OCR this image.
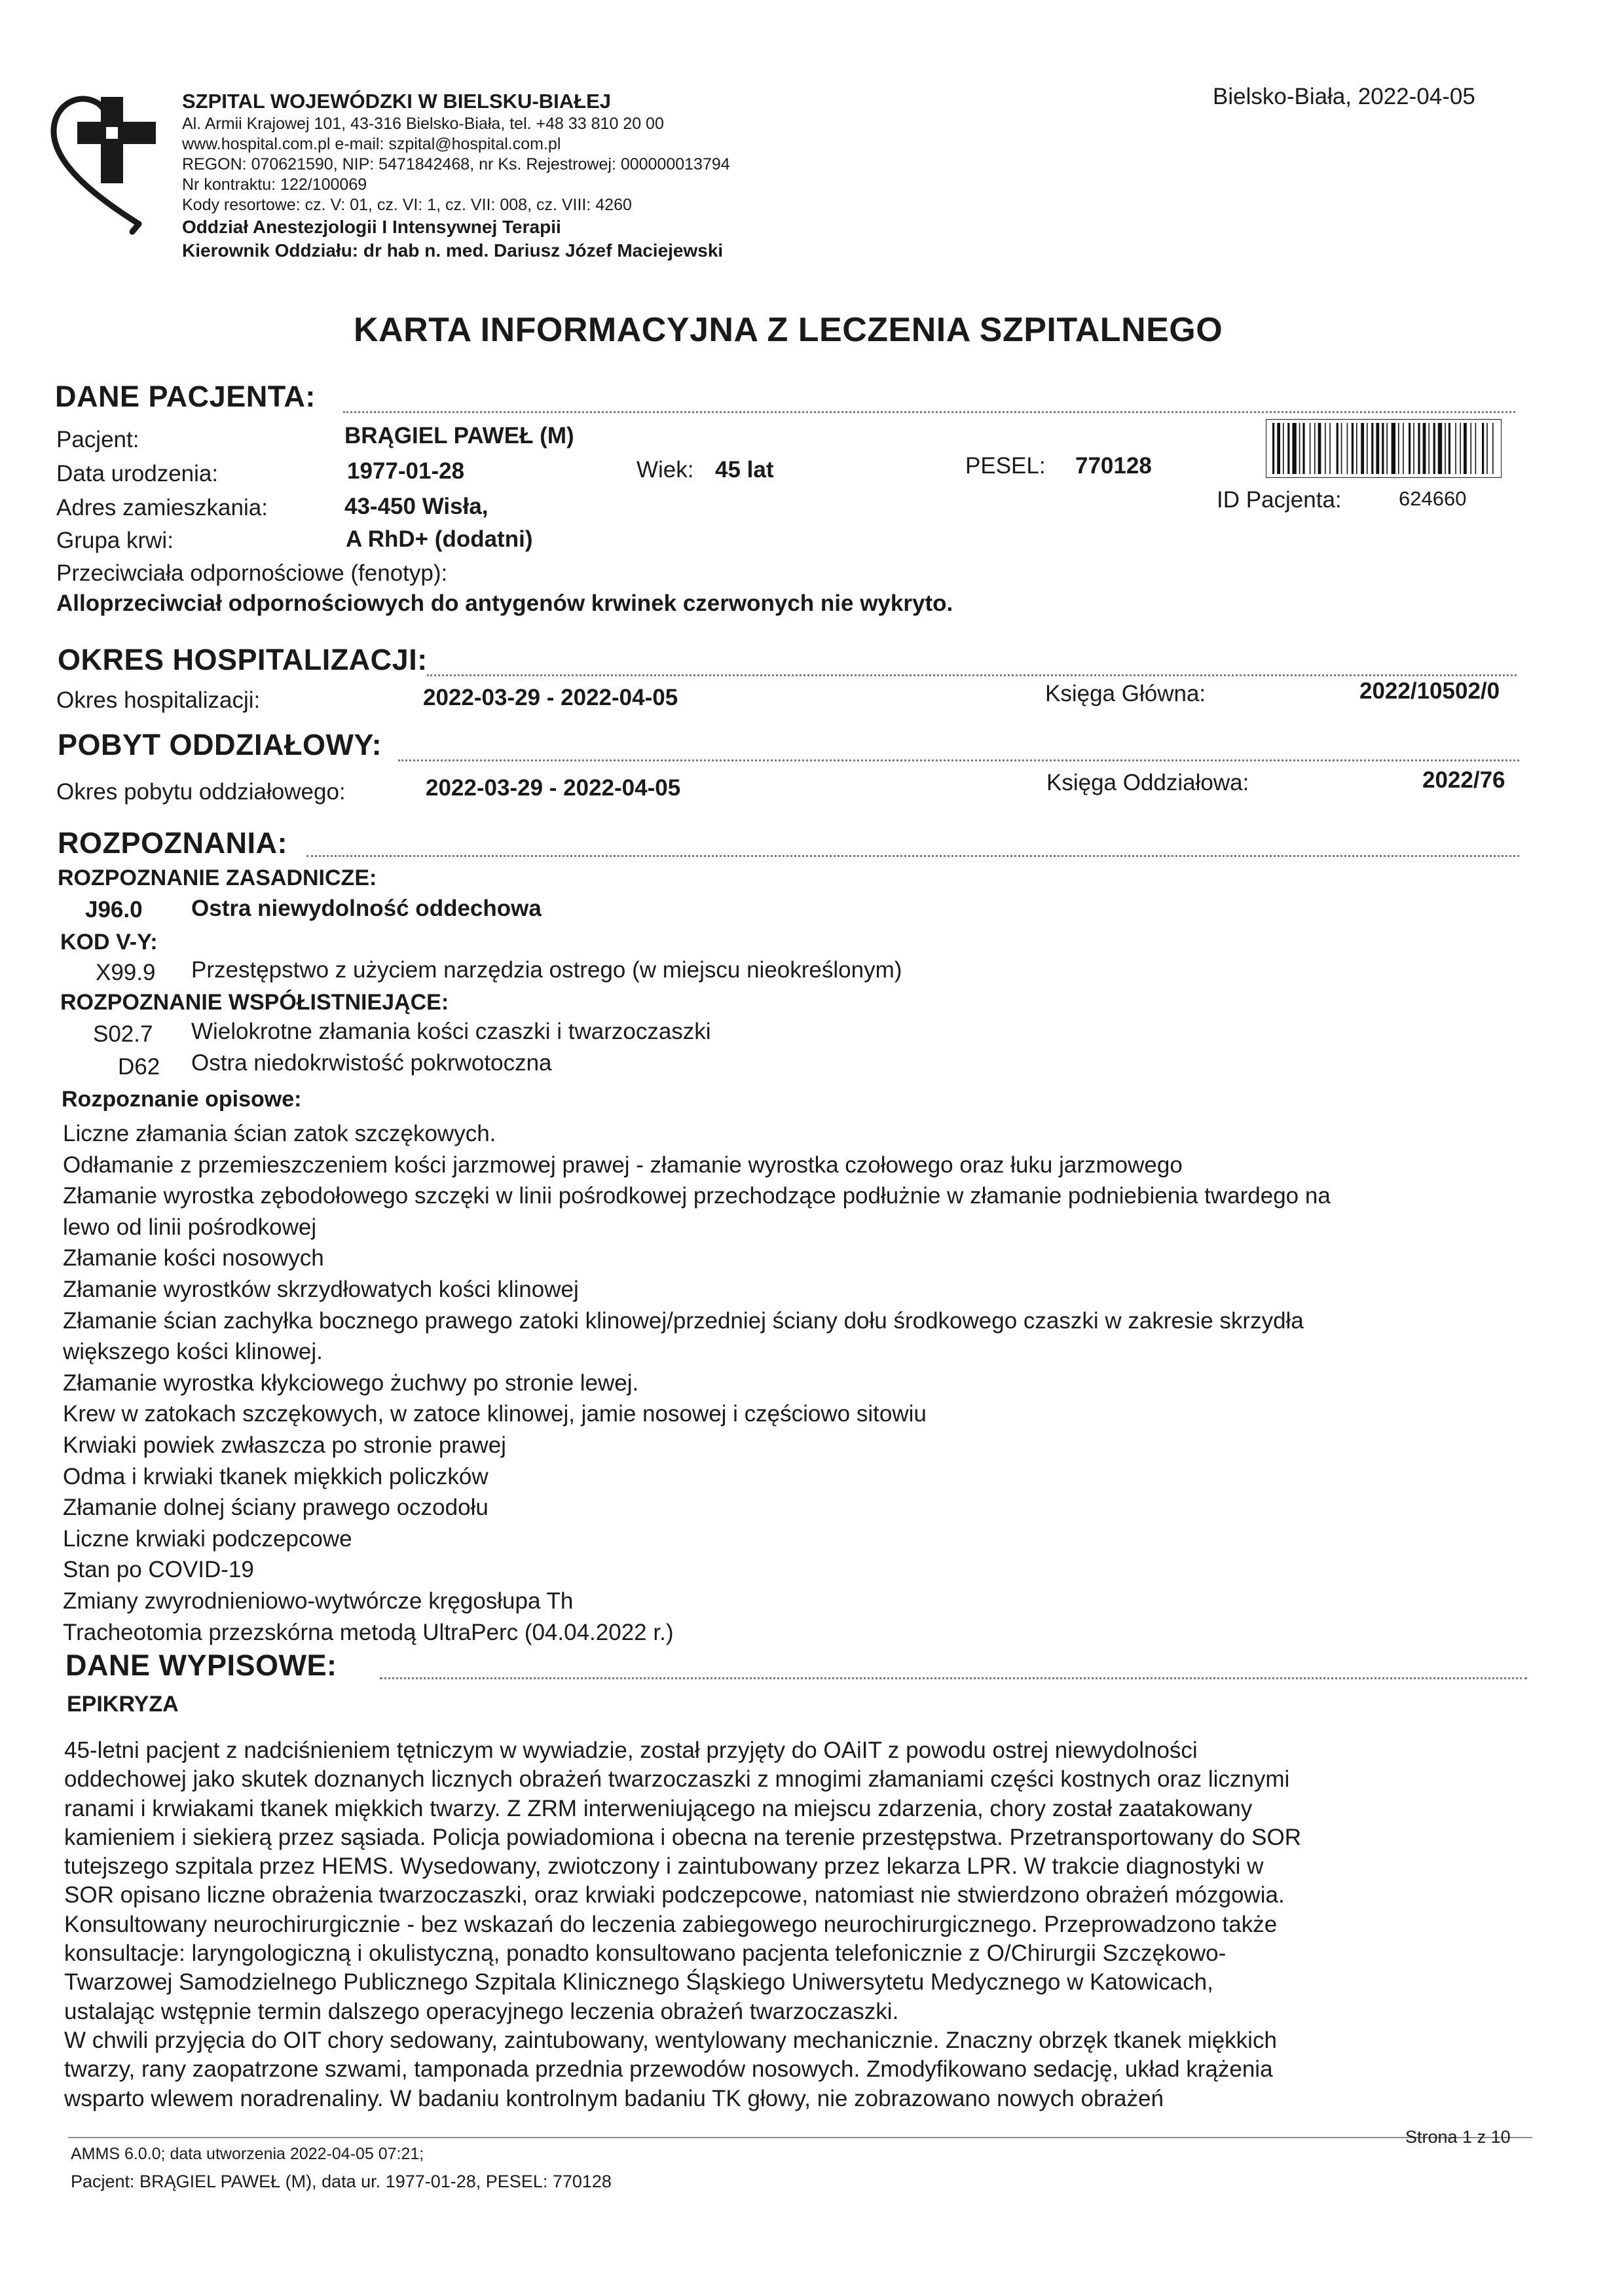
SZPITAL WOJEWÓDZKI W BIELSKU-BIAŁEJ
Al. Armii Krajowej 101, 43-316 Bielsko-Biała, tel. +48 33 810 20 00
www.hospital.com.pl e-mail: szpital@hospital.com.pl
REGON: 070621590, NIP: 5471842468, nr Ks. Rejestrowej: 000000013794
Nr kontraktu: 122/100069
Kody resortowe: cz. V: 01, cz. VI: 1, cz. VII: 008, cz. VIII: 4260
Oddział Anestezjologii I Intensywnej Terapii
Kierownik Oddziału: dr hab n. med. Dariusz Józef Maciejewski
Bielsko-Biała, 2022-04-05
KARTA INFORMACYJNA Z LECZENIA SZPITALNEGO
DANE PACJENTA:
Pacjent:	BRĄGIEL PAWEŁ (M)
Data urodzenia:	1977-01-28	Wiek: 45 lat	PESEL: 770128
Adres zamieszkania:	43-450 Wisła,	ID Pacjenta:	624660
Grupa krwi:	A RhD+ (dodatni)
Przeciwciała odpornościowe (fenotyp):
Alloprzeciwciał odpornościowych do antygenów krwinek czerwonych nie wykryto.
OKRES HOSPITALIZACJI:
Okres hospitalizacji:	2022-03-29 - 2022-04-05	Księga Główna:	2022/10502/0
POBYT ODDZIAŁOWY:
Okres pobytu oddziałowego:	2022-03-29 - 2022-04-05	Księga Oddziałowa:	2022/76
ROZPOZNANIA:
ROZPOZNANIE ZASADNICZE:
J96.0 Ostra niewydolność oddechowa
KOD V-Y:
X99.9 Przestępstwo z użyciem narzędzia ostrego (w miejscu nieokreślonym)
ROZPOZNANIE WSPÓŁISTNIEJĄCE:
S02.7 Wielokrotne złamania kości czaszki i twarzoczaszki
D62 Ostra niedokrwistość pokrwotoczna
Rozpoznanie opisowe:
Liczne złamania ścian zatok szczękowych.
Odłamanie z przemieszczeniem kości jarzmowej prawej - złamanie wyrostka czołowego oraz łuku jarzmowego
Złamanie wyrostka zębodołowego szczęki w linii pośrodkowej przechodzące podłużnie w złamanie podniebienia twardego na
lewo od linii pośrodkowej
Złamanie kości nosowych
Złamanie wyrostków skrzydłowatych kości klinowej
Złamanie ścian zachyłka bocznego prawego zatoki klinowej/przedniej ściany dołu środkowego czaszki w zakresie skrzydła
większego kości klinowej.
Złamanie wyrostka kłykciowego żuchwy po stronie lewej.
Krew w zatokach szczękowych, w zatoce klinowej, jamie nosowej i częściowo sitowiu
Krwiaki powiek zwłaszcza po stronie prawej
Odma i krwiaki tkanek miękkich policzków
Złamanie dolnej ściany prawego oczodołu
Liczne krwiaki podczepcowe
Stan po COVID-19
Zmiany zwyrodnieniowo-wytwórcze kręgosłupa Th
Tracheotomia przezskórna metodą UltraPerc (04.04.2022 r.)
DANE WYPISOWE:
EPIKRYZA
45-letni pacjent z nadciśnieniem tętniczym w wywiadzie, został przyjęty do OAiIT z powodu ostrej niewydolności
oddechowej jako skutek doznanych licznych obrażeń twarzoczaszki z mnogimi złamaniami części kostnych oraz licznymi
ranami i krwiakami tkanek miękkich twarzy. Z ZRM interweniującego na miejscu zdarzenia, chory został zaatakowany
kamieniem i siekierą przez sąsiada. Policja powiadomiona i obecna na terenie przestępstwa. Przetransportowany do SOR
tutejszego szpitala przez HEMS. Wysedowany, zwiotczony i zaintubowany przez lekarza LPR. W trakcie diagnostyki w
SOR opisano liczne obrażenia twarzoczaszki, oraz krwiaki podczepcowe, natomiast nie stwierdzono obrażeń mózgowia.
Konsultowany neurochirurgicznie - bez wskazań do leczenia zabiegowego neurochirurgicznego. Przeprowadzono także
konsultacje: laryngologiczną i okulistyczną, ponadto konsultowano pacjenta telefonicznie z O/Chirurgii Szczękowo-
Twarzowej Samodzielnego Publicznego Szpitala Klinicznego Śląskiego Uniwersytetu Medycznego w Katowicach,
ustalając wstępnie termin dalszego operacyjnego leczenia obrażeń twarzoczaszki.
W chwili przyjęcia do OIT chory sedowany, zaintubowany, wentylowany mechanicznie. Znaczny obrzęk tkanek miękkich
twarzy, rany zaopatrzone szwami, tamponada przednia przewodów nosowych. Zmodyfikowano sedację, układ krążenia
wsparto wlewem noradrenaliny. W badaniu kontrolnym badaniu TK głowy, nie zobrazowano nowych obrażeń
AMMS 6.0.0; data utworzenia 2022-04-05 07:21;
Pacjent: BRĄGIEL PAWEŁ (M), data ur. 1977-01-28, PESEL: 770128
Strona 1 z 10
